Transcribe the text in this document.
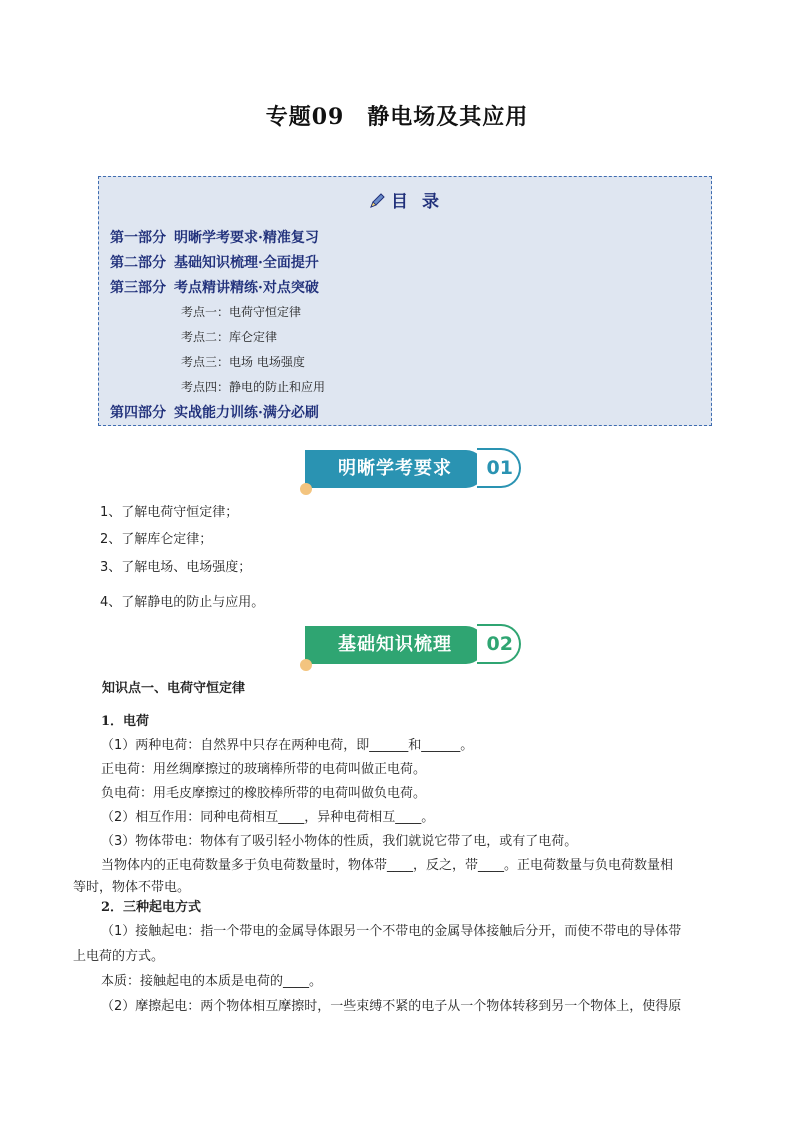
专题09　静电场及其应用
目 录
第一部分 明晰学考要求·精准复习
第二部分 基础知识梳理·全面提升
第三部分 考点精讲精练·对点突破
考点一：电荷守恒定律
考点二：库仑定律
考点三：电场 电场强度
考点四：静电的防止和应用
第四部分 实战能力训练·满分必刷
明晰学考要求	01
1、了解电荷守恒定律；
2、了解库仑定律；
3、了解电场、电场强度；
4、了解静电的防止与应用。
基础知识梳理	02
知识点一、电荷守恒定律
1．电荷
（1）两种电荷：自然界中只存在两种电荷，即______和______。
正电荷：用丝绸摩擦过的玻璃棒所带的电荷叫做正电荷。
负电荷：用毛皮摩擦过的橡胶棒所带的电荷叫做负电荷。
（2）相互作用：同种电荷相互____，异种电荷相互____。
（3）物体带电：物体有了吸引轻小物体的性质，我们就说它带了电，或有了电荷。
当物体内的正电荷数量多于负电荷数量时，物体带____，反之，带____。正电荷数量与负电荷数量相
等时，物体不带电。
2．三种起电方式
（1）接触起电：指一个带电的金属导体跟另一个不带电的金属导体接触后分开，而使不带电的导体带
上电荷的方式。
本质：接触起电的本质是电荷的____。
（2）摩擦起电：两个物体相互摩擦时，一些束缚不紧的电子从一个物体转移到另一个物体上，使得原
